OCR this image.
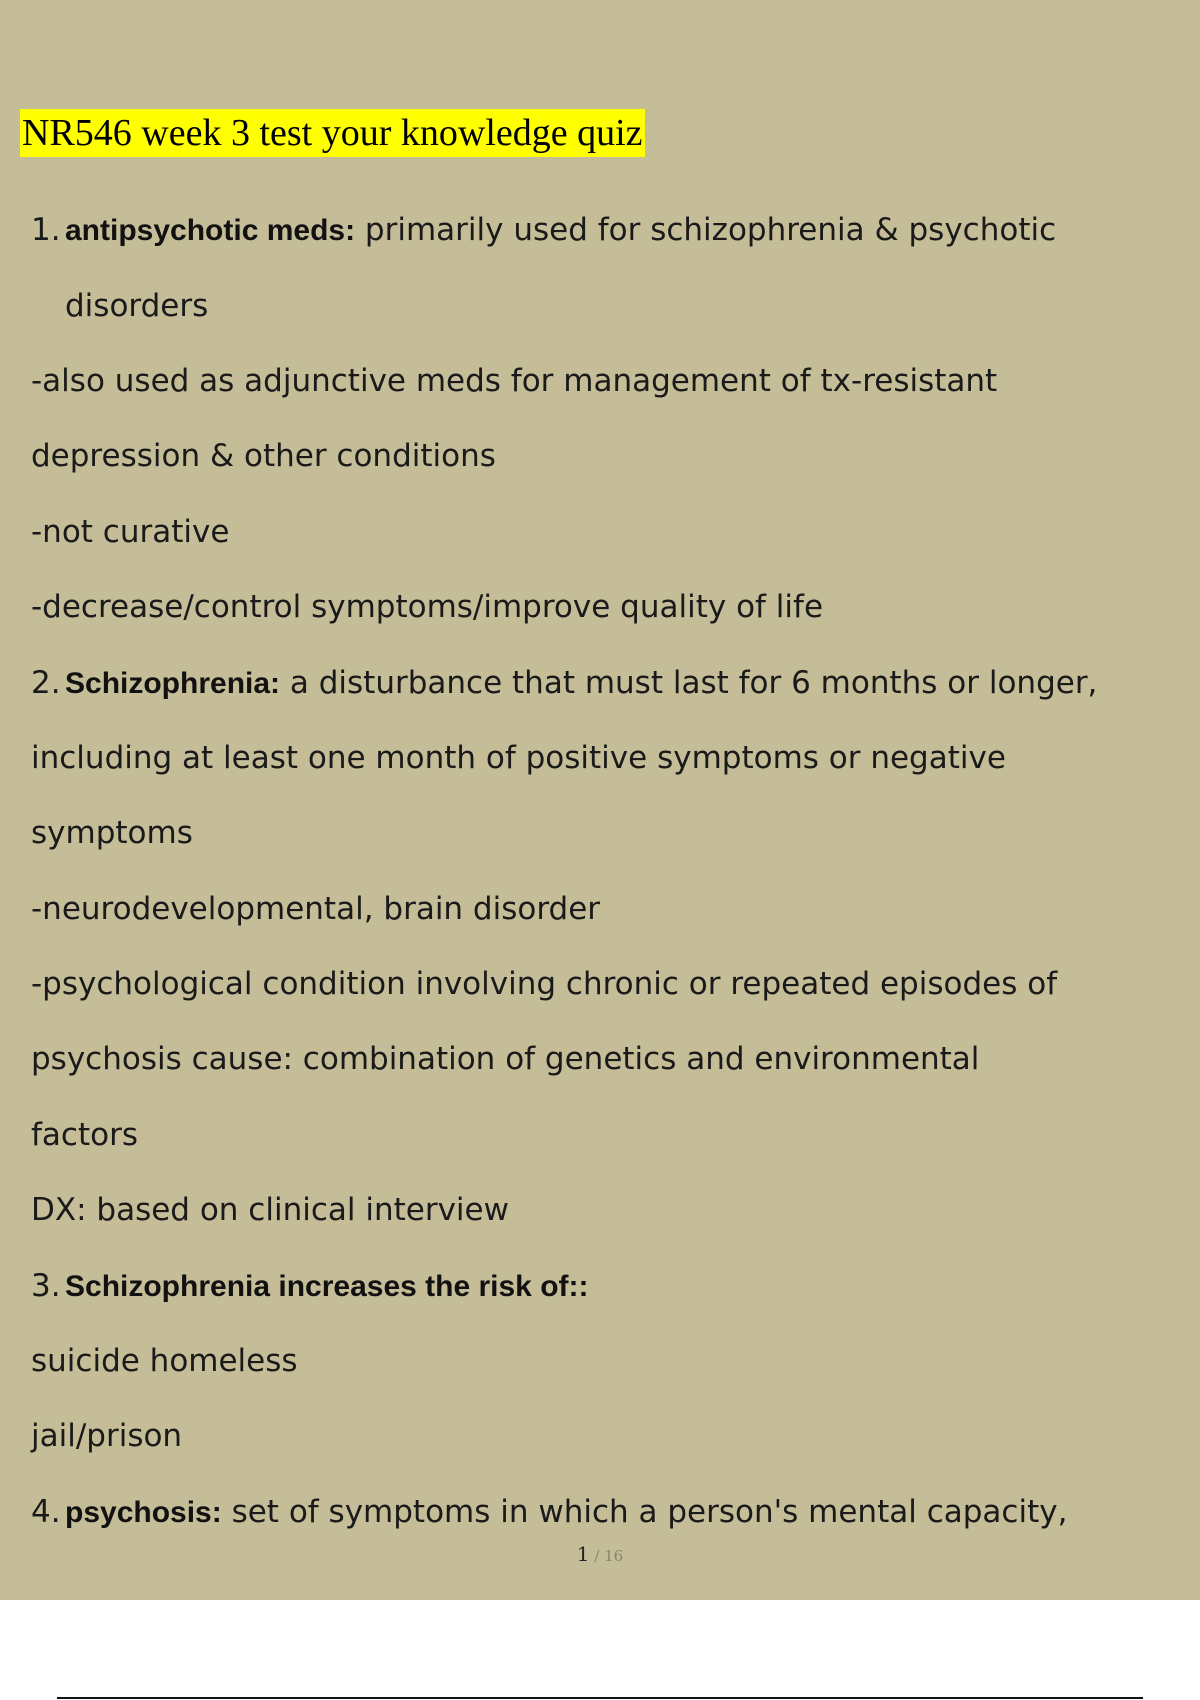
NR546 week 3 test your knowledge quiz
1. antipsychotic meds: primarily used for schizophrenia & psychotic
disorders
-also used as adjunctive meds for management of tx-resistant
depression & other conditions
-not curative
-decrease/control symptoms/improve quality of life
2. Schizophrenia: a disturbance that must last for 6 months or longer,
including at least one month of positive symptoms or negative
symptoms
-neurodevelopmental, brain disorder
-psychological condition involving chronic or repeated episodes of
psychosis cause: combination of genetics and environmental
factors
DX: based on clinical interview
3. Schizophrenia increases the risk of::
suicide homeless
jail/prison
4. psychosis: set of symptoms in which a person's mental capacity,
1 / 16
